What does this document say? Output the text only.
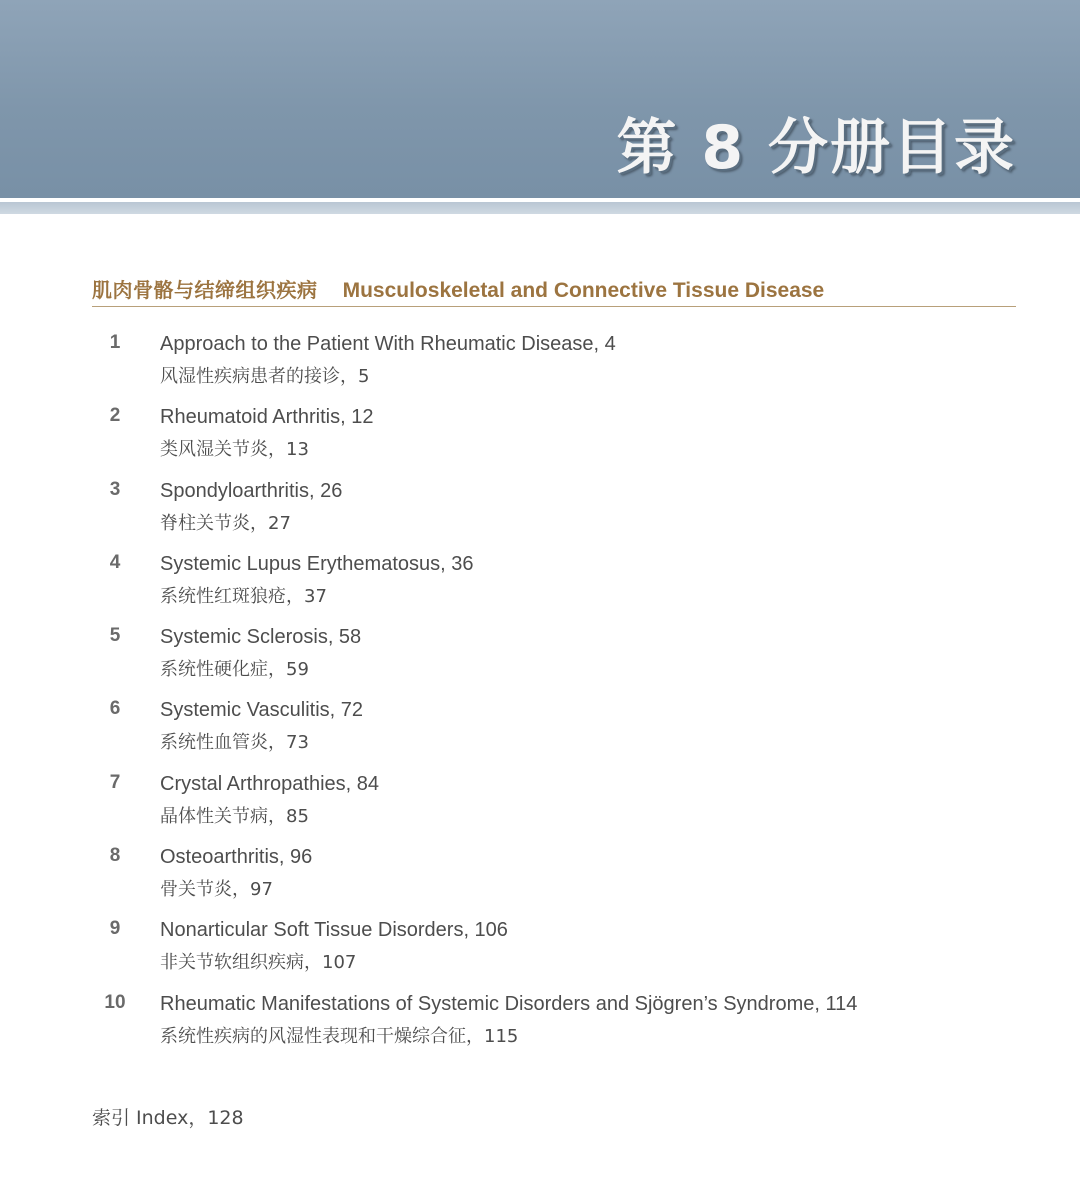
第 8 分册目录
肌肉骨骼与结缔组织疾病 Musculoskeletal and Connective Tissue Disease
1	Approach to the Patient With Rheumatic Disease, 4
风湿性疾病患者的接诊，5
2	Rheumatoid Arthritis, 12
类风湿关节炎，13
3	Spondyloarthritis, 26
脊柱关节炎，27
4	Systemic Lupus Erythematosus, 36
系统性红斑狼疮，37
5	Systemic Sclerosis, 58
系统性硬化症，59
6	Systemic Vasculitis, 72
系统性血管炎，73
7	Crystal Arthropathies, 84
晶体性关节病，85
8	Osteoarthritis, 96
骨关节炎，97
9	Nonarticular Soft Tissue Disorders, 106
非关节软组织疾病，107
10	Rheumatic Manifestations of Systemic Disorders and Sjögren’s Syndrome, 114
系统性疾病的风湿性表现和干燥综合征，115
索引 Index，128
